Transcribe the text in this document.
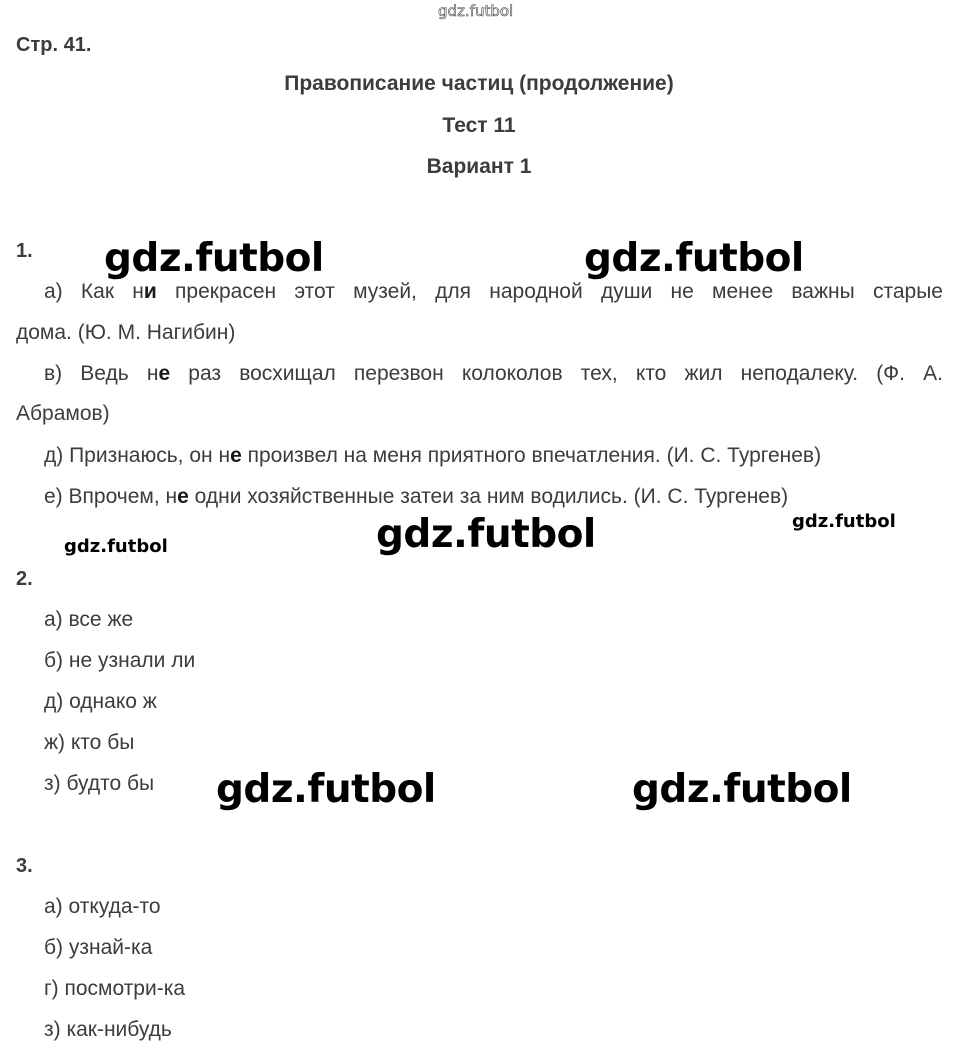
gdz.futbol
Стр. 41.
Правописание частиц (продолжение)
Тест 11
Вариант 1
1. gdz.futbol	gdz.futbol
а) Как ни прекрасен этот музей, для народной души не менее важны старые
дома. (Ю. М. Нагибин)
в) Ведь не раз восхищал перезвон колоколов тех, кто жил неподалеку. (Ф. А.
Абрамов)
д) Признаюсь, он не произвел на меня приятного впечатления. (И. С. Тургенев)
е) Впрочем, не одни хозяйственные затеи за ним водились. (И. С. Тургенев)
gdz.futbol
gdz.futbol
gdz.futbol
2.
а) все же
б) не узнали ли
д) однако ж
ж) кто бы
з) будто бы gdz.futbol	gdz.futbol
3.
а) откуда-то
б) узнай-ка
г) посмотри-ка
з) как-нибудь
